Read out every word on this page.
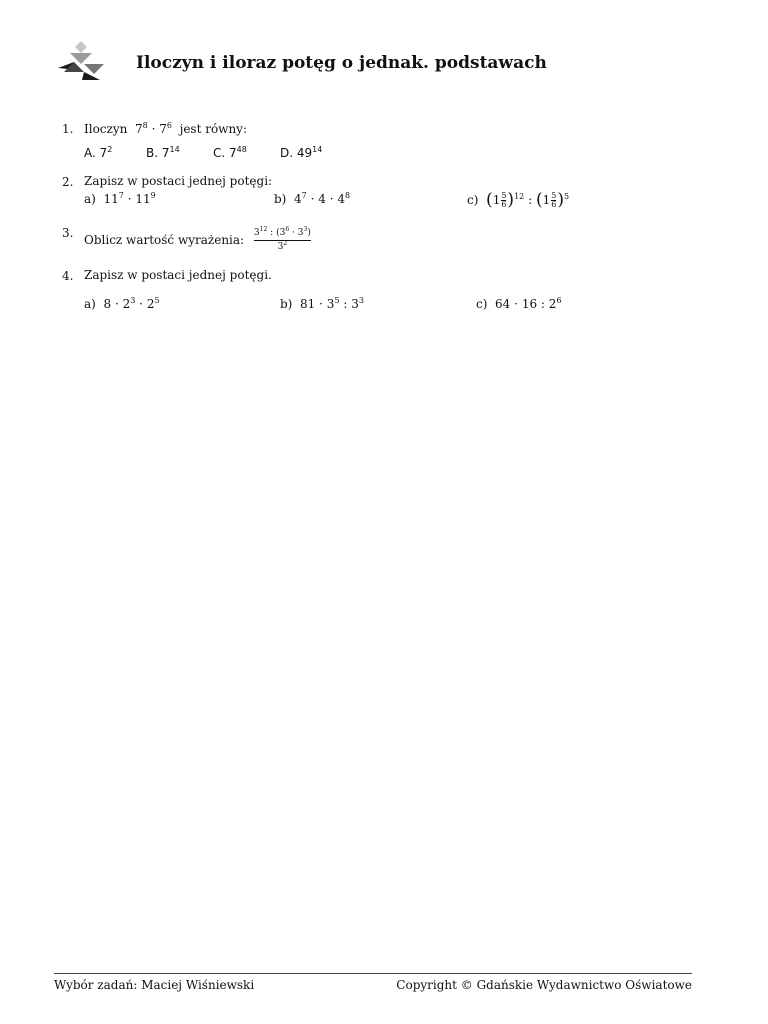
Iloczyn i iloraz potęg o jednak. podstawach
1. Iloczyn $7^8 \cdot 7^6$ jest równy:
A. $7^2$	B. $7^{14}$	C. $7^{48}$	D. $49^{14}$
2. Zapisz w postaci jednej potęgi:
a) $11^7 \cdot 11^9$	b) $4^7 \cdot 4 \cdot 4^8$	c) $(1 \frac{5}{6} )^{12}$ : $(1 \frac{5}{6} )^5$
3. Oblicz wartość wyrażenia: $\frac{3^{12} : (3^6 \cdot 3^3)}{3^2}$
4. Zapisz w postaci jednej potęgi.
a) $8 \cdot 2^3 \cdot 2^5$	b) $81 \cdot 3^5$ : $3^3$	c) 64 · 16 : $2^6$
Wybór zadań: Maciej Wiśniewski	Copyright © Gdańskie Wydawnictwo Oświatowe
